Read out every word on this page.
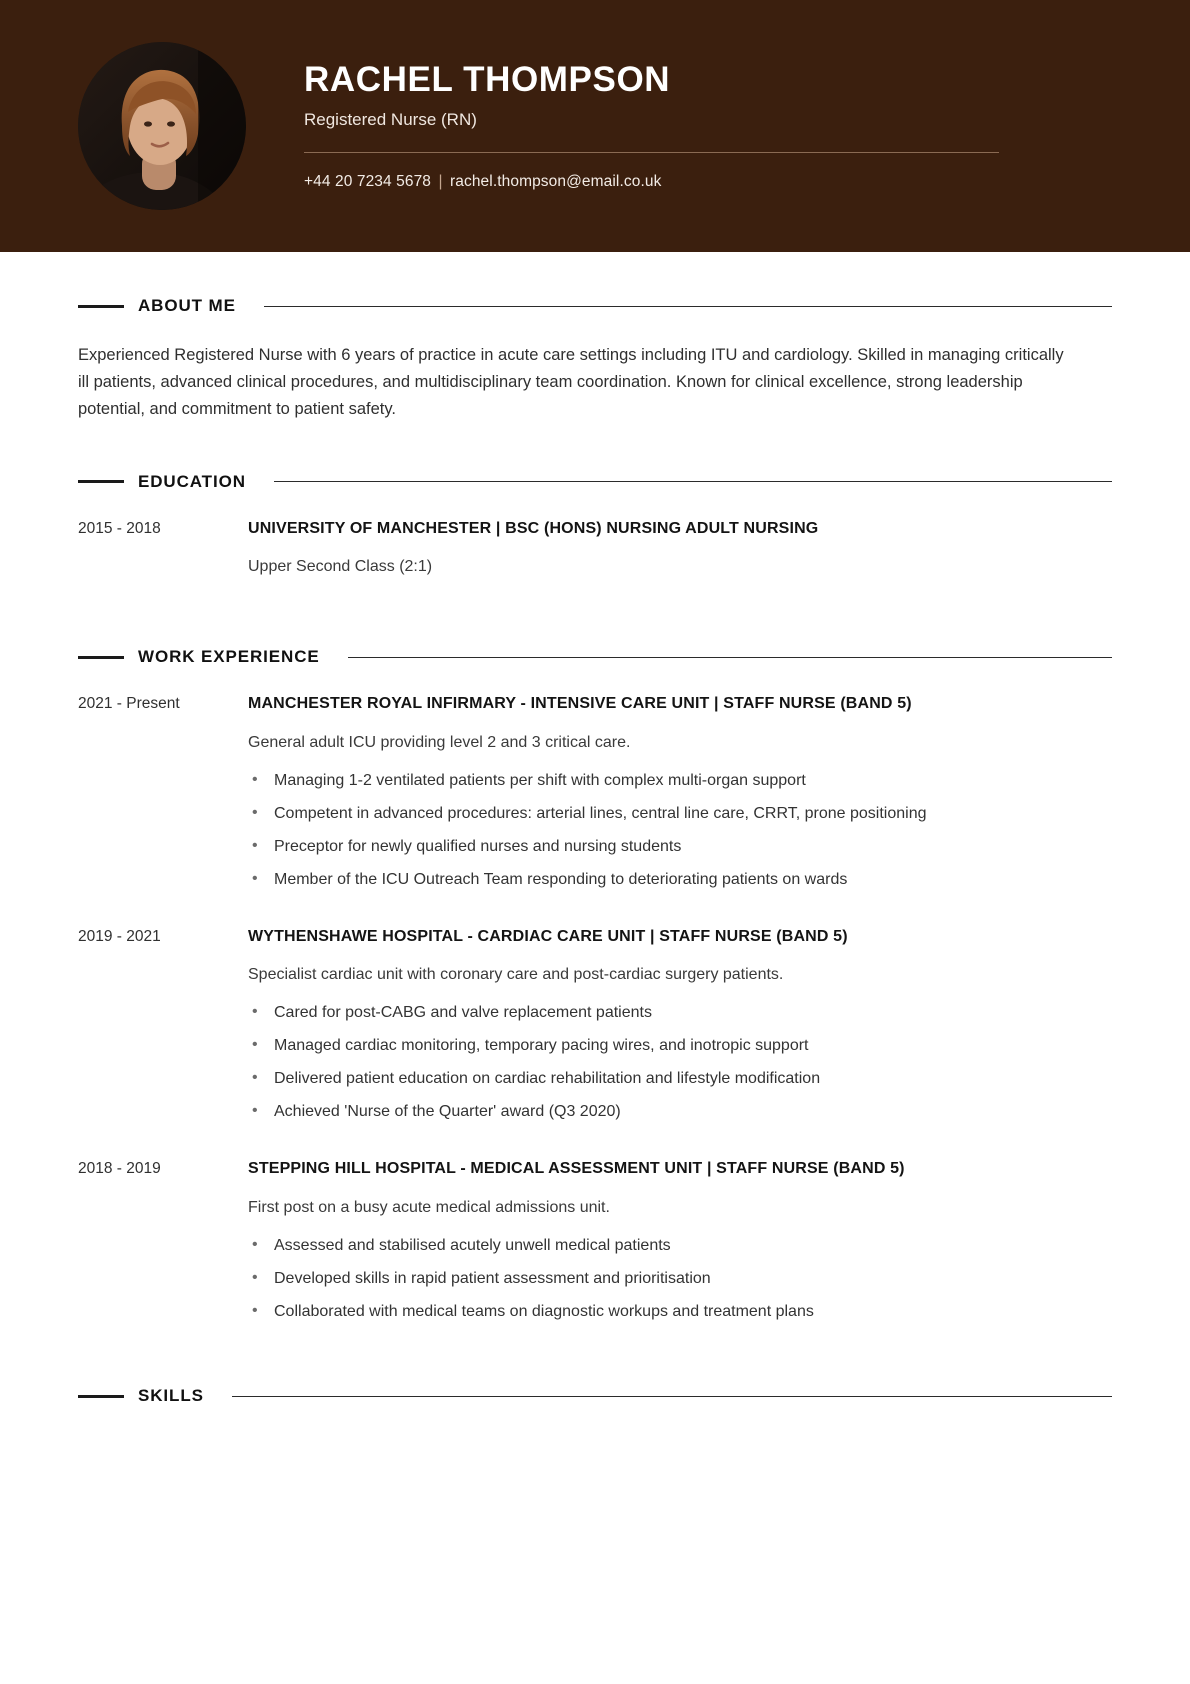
RACHEL THOMPSON
Registered Nurse (RN)
+44 20 7234 5678 | rachel.thompson@email.co.uk
ABOUT ME

Experienced Registered Nurse with 6 years of practice in acute care settings including ITU and cardiology. Skilled in managing critically ill patients, advanced clinical procedures, and multidisciplinary team coordination. Known for clinical excellence, strong leadership potential, and commitment to patient safety.

EDUCATION
2015 - 2018	UNIVERSITY OF MANCHESTER | BSC (HONS) NURSING ADULT NURSING
Upper Second Class (2:1)
WORK EXPERIENCE
2021 - Present	MANCHESTER ROYAL INFIRMARY - INTENSIVE CARE UNIT | STAFF NURSE (BAND 5)
General adult ICU providing level 2 and 3 critical care.
• Managing 1-2 ventilated patients per shift with complex multi-organ support
• Competent in advanced procedures: arterial lines, central line care, CRRT, prone positioning
• Preceptor for newly qualified nurses and nursing students
• Member of the ICU Outreach Team responding to deteriorating patients on wards
2019 - 2021	WYTHENSHAWE HOSPITAL - CARDIAC CARE UNIT | STAFF NURSE (BAND 5)
Specialist cardiac unit with coronary care and post-cardiac surgery patients.
• Cared for post-CABG and valve replacement patients
• Managed cardiac monitoring, temporary pacing wires, and inotropic support
• Delivered patient education on cardiac rehabilitation and lifestyle modification
• Achieved 'Nurse of the Quarter' award (Q3 2020)
2018 - 2019	STEPPING HILL HOSPITAL - MEDICAL ASSESSMENT UNIT | STAFF NURSE (BAND 5)
First post on a busy acute medical admissions unit.
• Assessed and stabilised acutely unwell medical patients
• Developed skills in rapid patient assessment and prioritisation
• Collaborated with medical teams on diagnostic workups and treatment plans
SKILLS
